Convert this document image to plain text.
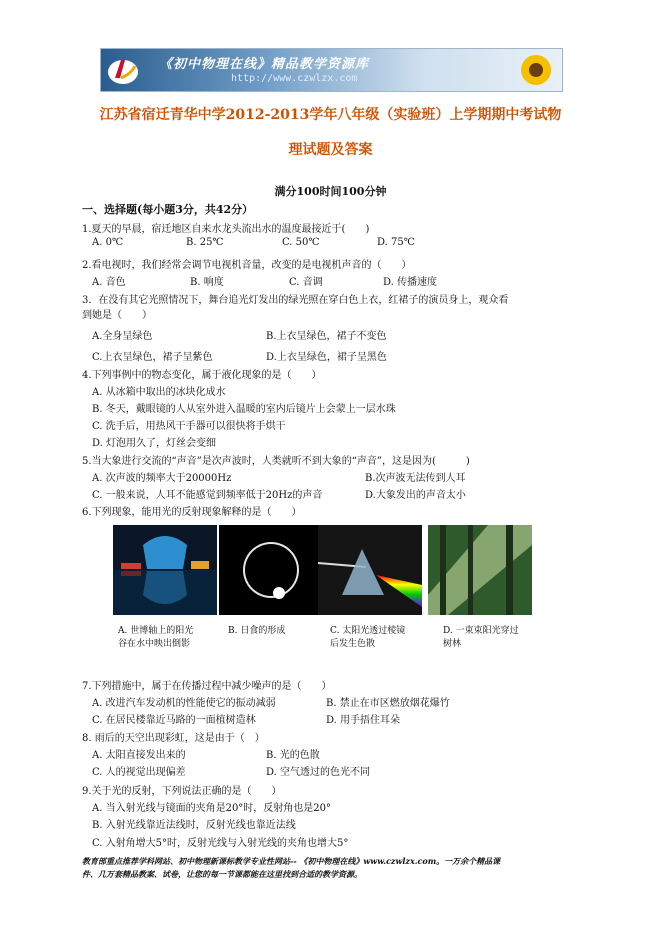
《初中物理在线》精品教学资源库
http://www.czwlzx.com
江苏省宿迁青华中学2012-2013学年八年级（实验班）上学期期中考试物
理试题及答案
满分100时间100分钟
一、选择题(每小题3分，共42分）
1.夏天的早晨，宿迁地区自来水龙头流出水的温度最接近于(　　)
A. 0℃	B. 25℃	C. 50℃	D. 75℃
2.看电视时，我们经常会调节电视机音量，改变的是电视机声音的（　　）
A. 音色	B. 响度	C. 音调	D. 传播速度
3．在没有其它光照情况下，舞台追光灯发出的绿光照在穿白色上衣，红裙子的演员身上，观众看
到她是（　　）
A.全身呈绿色	B.上衣呈绿色，裙子不变色
C.上衣呈绿色，裙子呈紫色	D.上衣呈绿色，裙子呈黑色
4.下列事例中的物态变化，属于液化现象的是（　　）
A. 从冰箱中取出的冰块化成水
B. 冬天，戴眼镜的人从室外进入温暖的室内后镜片上会蒙上一层水珠
C. 洗手后，用热风干手器可以很快将手烘干
D. 灯泡用久了，灯丝会变细
5.当大象进行交流的“声音”是次声波时，人类就听不到大象的“声音”，这是因为(　　　)
A. 次声波的频率大于20000Hz	B.次声波无法传到人耳
C. 一般来说，人耳不能感觉到频率低于20Hz的声音	D.大象发出的声音太小
6.下列现象，能用光的反射现象解释的是（　　）
A. 世博轴上的阳光谷在水中映出倒影
B. 日食的形成	C. 太阳光透过棱镜后发生色散
D. 一束束阳光穿过树林
7.下列措施中，属于在传播过程中减少噪声的是（　　）
A. 改进汽车发动机的性能使它的振动减弱	B. 禁止在市区燃放烟花爆竹
C. 在居民楼靠近马路的一面植树造林	D. 用手捂住耳朵
8. 雨后的天空出现彩虹，这是由于（　）
A. 太阳直接发出来的	B. 光的色散
C. 人的视觉出现偏差	D. 空气透过的色光不同
9.关于光的反射，下列说法正确的是（　　）
A. 当入射光线与镜面的夹角是20°时，反射角也是20°
B. 入射光线靠近法线时，反射光线也靠近法线
C. 入射角增大5°时，反射光线与入射光线的夹角也增大5°
教育部重点推荐学科网站、初中物理新课标教学专业性网站-- 《初中物理在线》www.czwlzx.com。一万余个精品课
件、几万套精品教案、试卷，让您的每一节课都能在这里找到合适的教学资源。
